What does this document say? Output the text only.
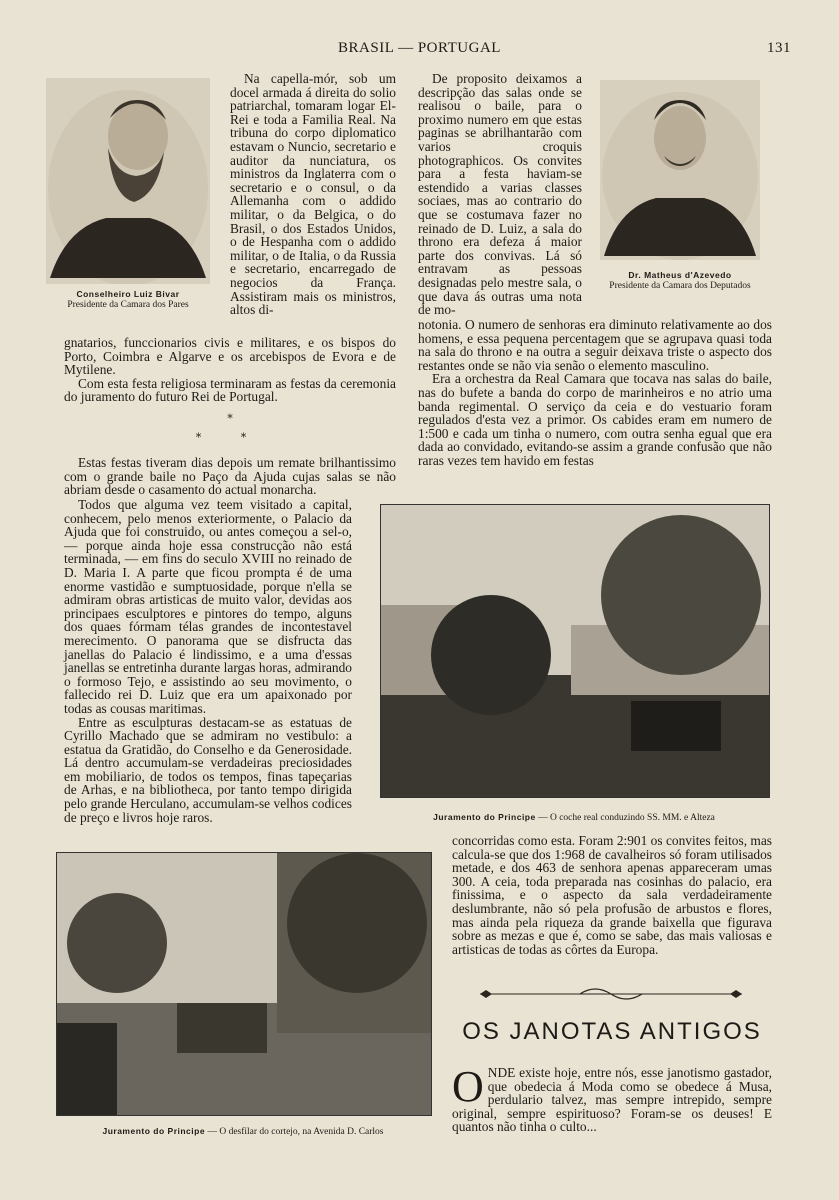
BRASIL — PORTUGAL	131
Conselheiro Luiz Bivar
Presidente da Camara dos Pares

Na capella-mór, sob um docel armada á direita do solio patriarchal, tomaram logar El-Rei e toda a Familia Real. Na tribuna do corpo diplomatico estavam o Nuncio, secretario e auditor da nunciatura, os ministros da Inglaterra com o secretario e o consul, o da Allemanha com o addido militar, o da Belgica, o do Brasil, o dos Estados Unidos, o de Hespanha com o addido militar, o de Italia, o da Russia e secretario, encarregado de negocios da França. Assistiram mais os ministros, altos di-

gnatarios, funccionarios civis e militares, e os bispos do Porto, Coimbra e Algarve e os arcebispos de Evora e de Mytilene.

Com esta festa religiosa terminaram as festas da ceremonia do juramento do futuro Rei de Portugal.

*
* *

Estas festas tiveram dias depois um remate brilhantissimo com o grande baile no Paço da Ajuda cujas salas se não abriam desde o casamento do actual monarcha.

Todos que alguma vez teem visitado a capital, conhecem, pelo menos exteriormente, o Palacio da Ajuda que foi construido, ou antes começou a sel-o, — porque ainda hoje essa construcção não está terminada, — em fins do seculo XVIII no reinado de D. Maria I. A parte que ficou prompta é de uma enorme vastidão e sumptuosidade, porque n'ella se admiram obras artisticas de muito valor, devidas aos principaes esculptores e pintores do tempo, alguns dos quaes fórmam télas grandes de incontestavel merecimento. O panorama que se disfructa das janellas do Palacio é lindissimo, e a uma d'essas janellas se entretinha durante largas horas, admirando o formoso Tejo, e assistindo ao seu movimento, o fallecido rei D. Luiz que era um apaixonado por todas as cousas maritimas.

Entre as esculpturas destacam-se as estatuas de Cyrillo Machado que se admiram no vestibulo: a estatua da Gratidão, do Conselho e da Generosidade. Lá dentro accumulam-se verdadeiras preciosidades em mobiliario, de todos os tempos, finas tapeçarias de Arhas, e na bibliotheca, por tanto tempo dirigida pelo grande Herculano, accumulam-se velhos codices de preço e livros hoje raros.

De proposito deixamos a descripção das salas onde se realisou o baile, para o proximo numero em que estas paginas se abrilhantarão com varios croquis photographicos. Os convites para a festa haviam-se estendido a varias classes sociaes, mas ao contrario do que se costumava fazer no reinado de D. Luiz, a sala do throno era defeza á maior parte dos convivas. Lá só entravam as pessoas designadas pelo mestre sala, o que dava ás outras uma nota de mo-

Dr. Matheus d'Azevedo
Presidente da Camara dos Deputados

notonia. O numero de senhoras era diminuto relativamente ao dos homens, e essa pequena percentagem que se agrupava quasi toda na sala do throno e na outra a seguir deixava triste o aspecto dos restantes onde se não via senão o elemento masculino.

Era a orchestra da Real Camara que tocava nas salas do baile, nas do bufete a banda do corpo de marinheiros e no atrio uma banda regimental. O serviço da ceia e do vestuario foram regulados d'esta vez a primor. Os cabides eram em numero de 1:500 e cada um tinha o numero, com outra senha egual que era dada ao convidado, evitando-se assim a grande confusão que não raras vezes tem havido em festas

Juramento do Principe — O coche real conduzindo SS. MM. e Alteza

concorridas como esta. Foram 2:901 os convites feitos, mas calcula-se que dos 1:968 de cavalheiros só foram utilisados metade, e dos 463 de senhora apenas appareceram umas 300. A ceia, toda preparada nas cosinhas do palacio, era finissima, e o aspecto da sala verdadeiramente deslumbrante, não só pela profusão de arbustos e flores, mas ainda pela riqueza da grande baixella que figurava sobre as mezas e que é, como se sabe, das mais valiosas e artisticas de todas as côrtes da Europa.

Juramento do Principe — O desfilar do cortejo, na Avenida D. Carlos
OS JANOTAS ANTIGOS
ONDE existe hoje, entre nós, esse janotismo gastador, que obedecia á Moda como se obedece á Musa, perdulario talvez, mas sempre intrepido, sempre original, sempre espirituoso? Foram-se os deuses! E quantos não tinha o culto...
